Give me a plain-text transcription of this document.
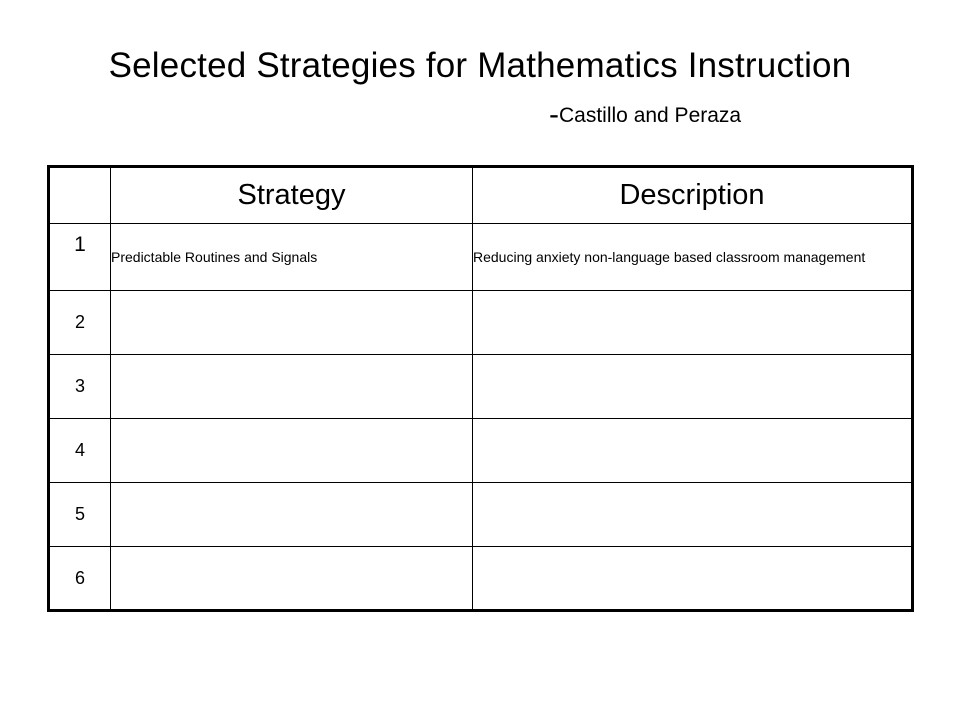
Selected Strategies for Mathematics Instruction
-Castillo and Peraza
	Strategy	Description
1	Predictable Routines and Signals	Reducing anxiety non-language based classroom management
2		
3		
4		
5		
6		
